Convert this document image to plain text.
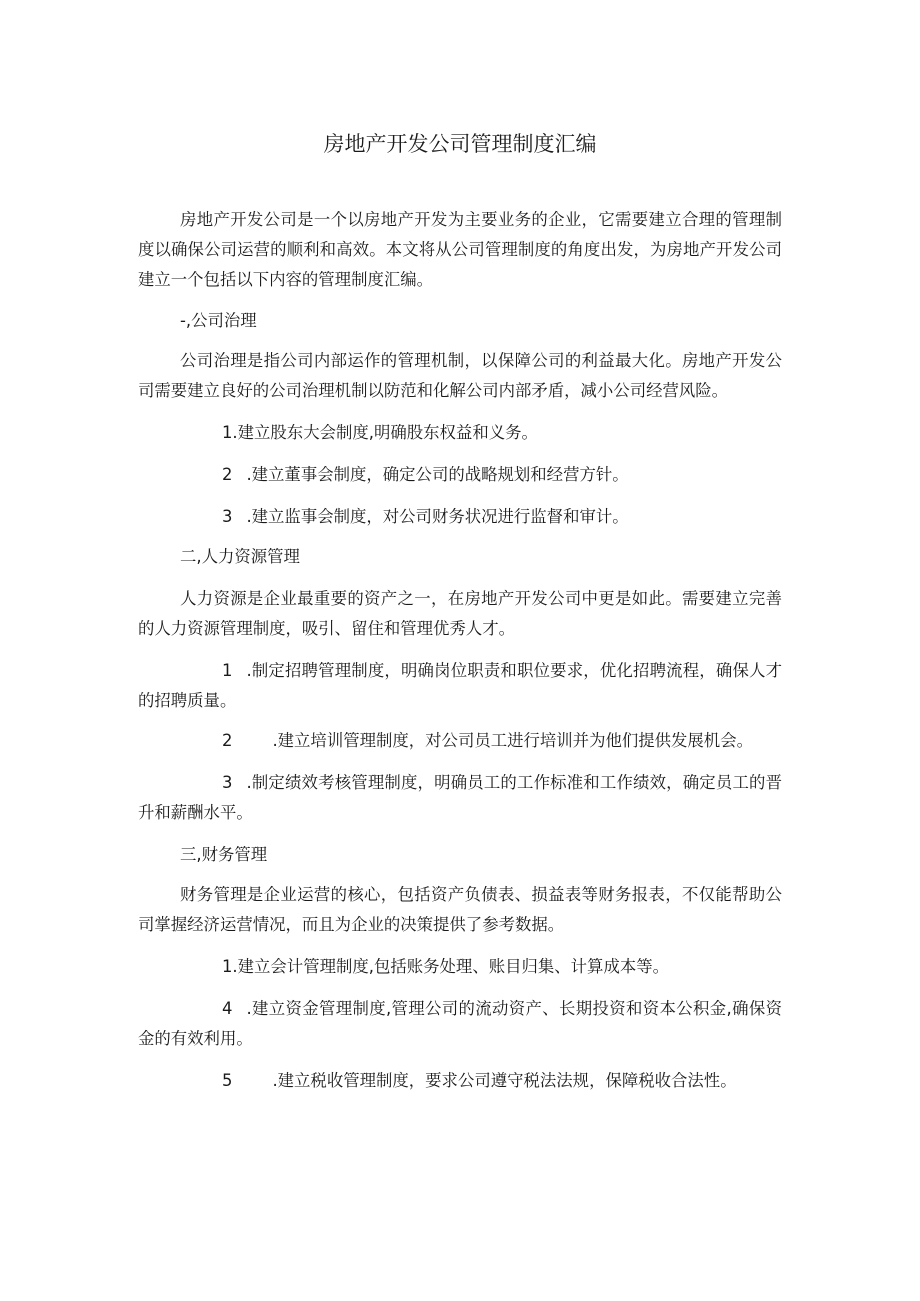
房地产开发公司管理制度汇编

房地产开发公司是一个以房地产开发为主要业务的企业，它需要建立合理的管理制度以确保公司运营的顺利和高效。本文将从公司管理制度的角度出发，为房地产开发公司建立一个包括以下内容的管理制度汇编。

-,公司治理

公司治理是指公司内部运作的管理机制，以保障公司的利益最大化。房地产开发公司需要建立良好的公司治理机制以防范和化解公司内部矛盾，减小公司经营风险。

1.建立股东大会制度,明确股东权益和义务。

2 .建立董事会制度，确定公司的战略规划和经营方针。

3 .建立监事会制度，对公司财务状况进行监督和审计。

二,人力资源管理

人力资源是企业最重要的资产之一，在房地产开发公司中更是如此。需要建立完善的人力资源管理制度，吸引、留住和管理优秀人才。

1 .制定招聘管理制度，明确岗位职责和职位要求，优化招聘流程，确保人才的招聘质量。

2 .建立培训管理制度，对公司员工进行培训并为他们提供发展机会。

3 .制定绩效考核管理制度，明确员工的工作标准和工作绩效，确定员工的晋升和薪酬水平。

三,财务管理

财务管理是企业运营的核心，包括资产负债表、损益表等财务报表，不仅能帮助公司掌握经济运营情况，而且为企业的决策提供了参考数据。

1.建立会计管理制度,包括账务处理、账目归集、计算成本等。

4 .建立资金管理制度,管理公司的流动资产、长期投资和资本公积金,确保资金的有效利用。

5 .建立税收管理制度，要求公司遵守税法法规，保障税收合法性。
